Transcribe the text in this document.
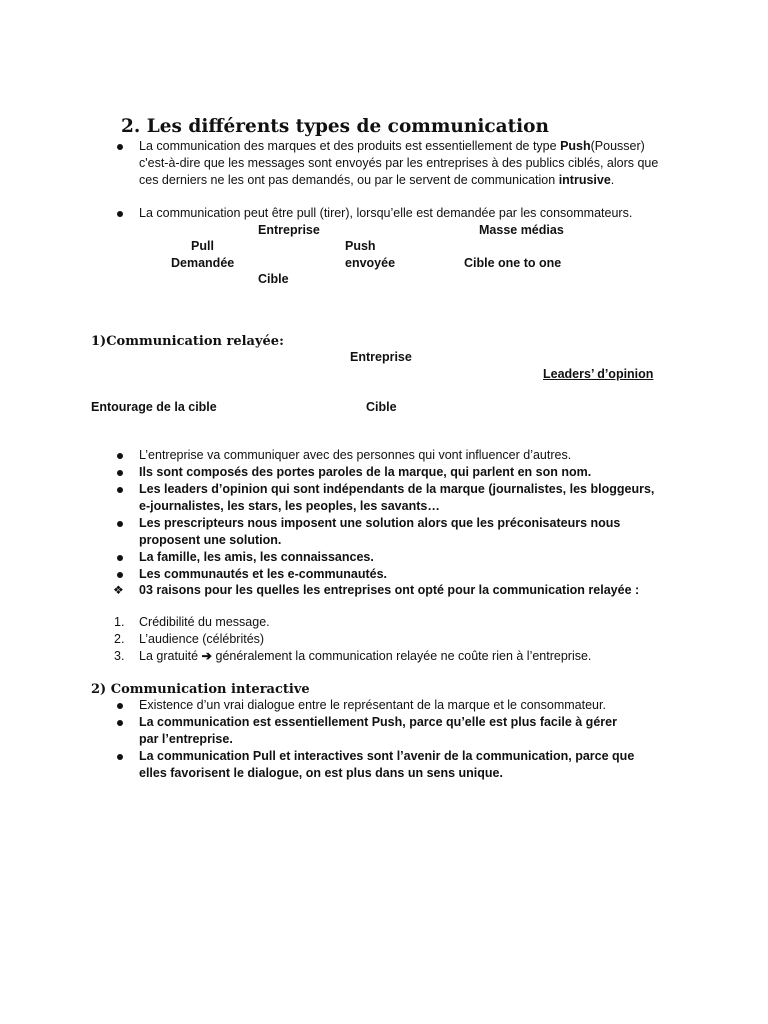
2. Les différents types de communication
La communication des marques et des produits est essentiellement de type Push(Pousser) c'est-à-dire que les messages sont envoyés par les entreprises à des publics ciblés, alors que ces derniers ne les ont pas demandés, ou par le servent de communication intrusive.
La communication peut être pull (tirer), lorsqu’elle est demandée par les consommateurs.
Entreprise	Masse médias
Pull	Push
Demandée	envoyée	Cible one to one
Cible
1)Communication relayée:
Entreprise
Leaders’ d’opinion
Entourage de la cible	Cible
L’entreprise va communiquer avec des personnes qui vont influencer d’autres.
Ils sont composés des portes paroles de la marque, qui parlent en son nom.
Les leaders d’opinion qui sont indépendants de la marque (journalistes, les bloggeurs, e-journalistes, les stars, les peoples, les savants…
Les prescripteurs nous imposent une solution alors que les préconisateurs nous proposent une solution.
La famille, les amis, les connaissances.
Les communautés et les e-communautés.
❖ 03 raisons pour les quelles les entreprises ont opté pour la communication relayée :
1. Crédibilité du message.
2. L’audience (célébrités)
3. La gratuité ➔ généralement la communication relayée ne coûte rien à l’entreprise.
2) Communication interactive
Existence d’un vrai dialogue entre le représentant de la marque et le consommateur.
La communication est essentiellement Push, parce qu’elle est plus facile à gérer par l’entreprise.
La communication Pull et interactives sont l’avenir de la communication, parce que elles favorisent le dialogue, on est plus dans un sens unique.
